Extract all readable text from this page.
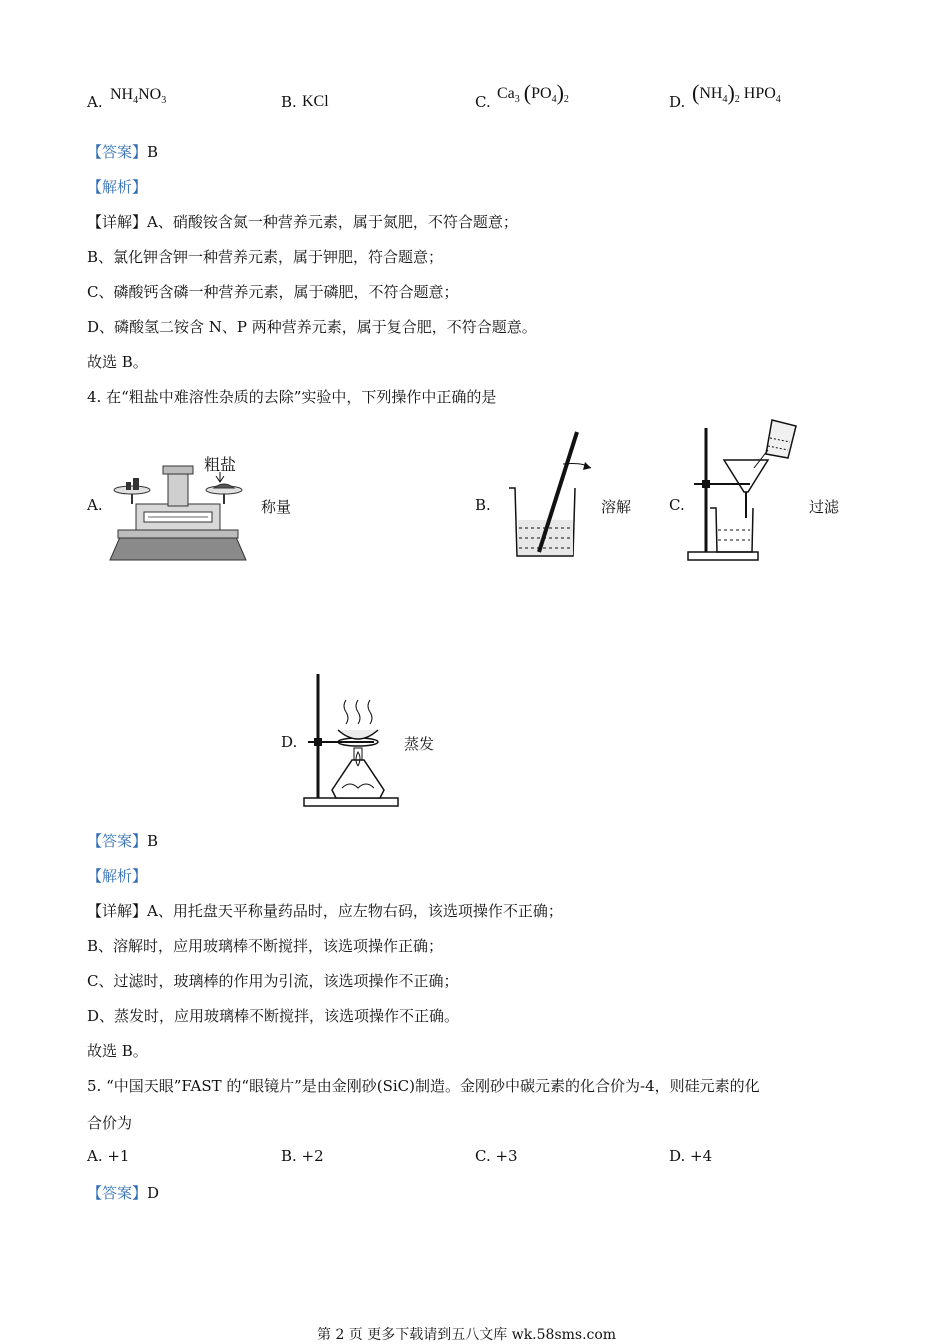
A. $NH_4NO_3$	B. KCl	C. $Ca_3$ $(PO_4)_2$	D. $(NH_4)_2$ $HPO_4$
【答案】B
【解析】
【详解】A、硝酸铵含氮一种营养元素，属于氮肥，不符合题意；
B、氯化钾含钾一种营养元素，属于钾肥，符合题意；
C、磷酸钙含磷一种营养元素，属于磷肥，不符合题意；
D、磷酸氢二铵含 N、P 两种营养元素，属于复合肥，不符合题意。
故选 B。
4. 在“粗盐中难溶性杂质的去除”实验中，下列操作中正确的是
A.
粗盐
称量	B.	溶解	C.	过滤
D.	蒸发
【答案】B
【解析】
【详解】A、用托盘天平称量药品时，应左物右码，该选项操作不正确；
B、溶解时，应用玻璃棒不断搅拌，该选项操作正确；
C、过滤时，玻璃棒的作用为引流，该选项操作不正确；
D、蒸发时，应用玻璃棒不断搅拌，该选项操作不正确。
故选 B。
5. “中国天眼”FAST 的“眼镜片”是由金刚砂(SiC)制造。金刚砂中碳元素的化合价为-4，则硅元素的化
合价为
A. +1	B. +2	C. +3	D. +4
【答案】D
第 2 页 更多下载请到五八文库 wk.58sms.com
